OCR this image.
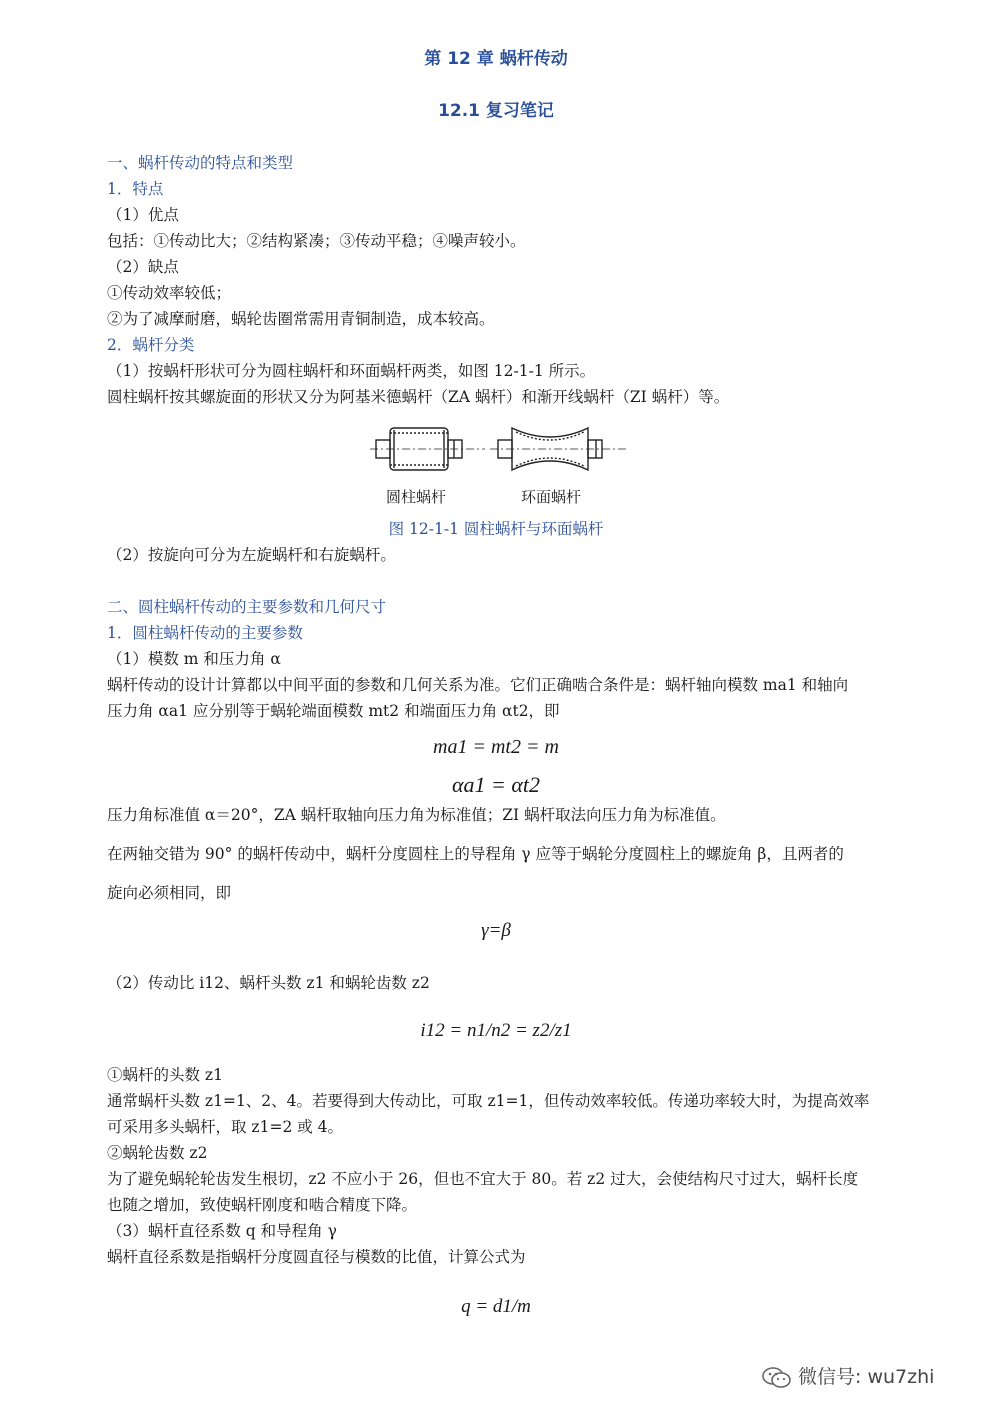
第 12 章 蜗杆传动
12.1 复习笔记
一、蜗杆传动的特点和类型
1．特点
（1）优点
包括：①传动比大；②结构紧凑；③传动平稳；④噪声较小。
（2）缺点
①传动效率较低；
②为了减摩耐磨，蜗轮齿圈常需用青铜制造，成本较高。
2．蜗杆分类
（1）按蜗杆形状可分为圆柱蜗杆和环面蜗杆两类，如图 12-1-1 所示。
圆柱蜗杆按其螺旋面的形状又分为阿基米德蜗杆（ZA 蜗杆）和渐开线蜗杆（ZI 蜗杆）等。
圆柱蜗杆	环面蜗杆
图 12-1-1 圆柱蜗杆与环面蜗杆
（2）按旋向可分为左旋蜗杆和右旋蜗杆。
二、圆柱蜗杆传动的主要参数和几何尺寸
1．圆柱蜗杆传动的主要参数
（1）模数 m 和压力角 α
蜗杆传动的设计计算都以中间平面的参数和几何关系为准。它们正确啮合条件是：蜗杆轴向模数 ma1 和轴向
压力角 αa1 应分别等于蜗轮端面模数 mt2 和端面压力角 αt2，即
ma1 = mt2 = m
αa1 = αt2
压力角标准值 α＝20°，ZA 蜗杆取轴向压力角为标准值；ZI 蜗杆取法向压力角为标准值。
在两轴交错为 90° 的蜗杆传动中，蜗杆分度圆柱上的导程角 γ 应等于蜗轮分度圆柱上的螺旋角 β，且两者的
旋向必须相同，即
γ=β
（2）传动比 i12、蜗杆头数 z1 和蜗轮齿数 z2
i12 = n1/n2 = z2/z1
①蜗杆的头数 z1
通常蜗杆头数 z1=1、2、4。若要得到大传动比，可取 z1=1，但传动效率较低。传递功率较大时，为提高效率
可采用多头蜗杆，取 z1=2 或 4。
②蜗轮齿数 z2
为了避免蜗轮轮齿发生根切，z2 不应小于 26，但也不宜大于 80。若 z2 过大，会使结构尺寸过大，蜗杆长度
也随之增加，致使蜗杆刚度和啮合精度下降。
（3）蜗杆直径系数 q 和导程角 γ
蜗杆直径系数是指蜗杆分度圆直径与模数的比值，计算公式为
q = d1/m
微信号: wu7zhi
